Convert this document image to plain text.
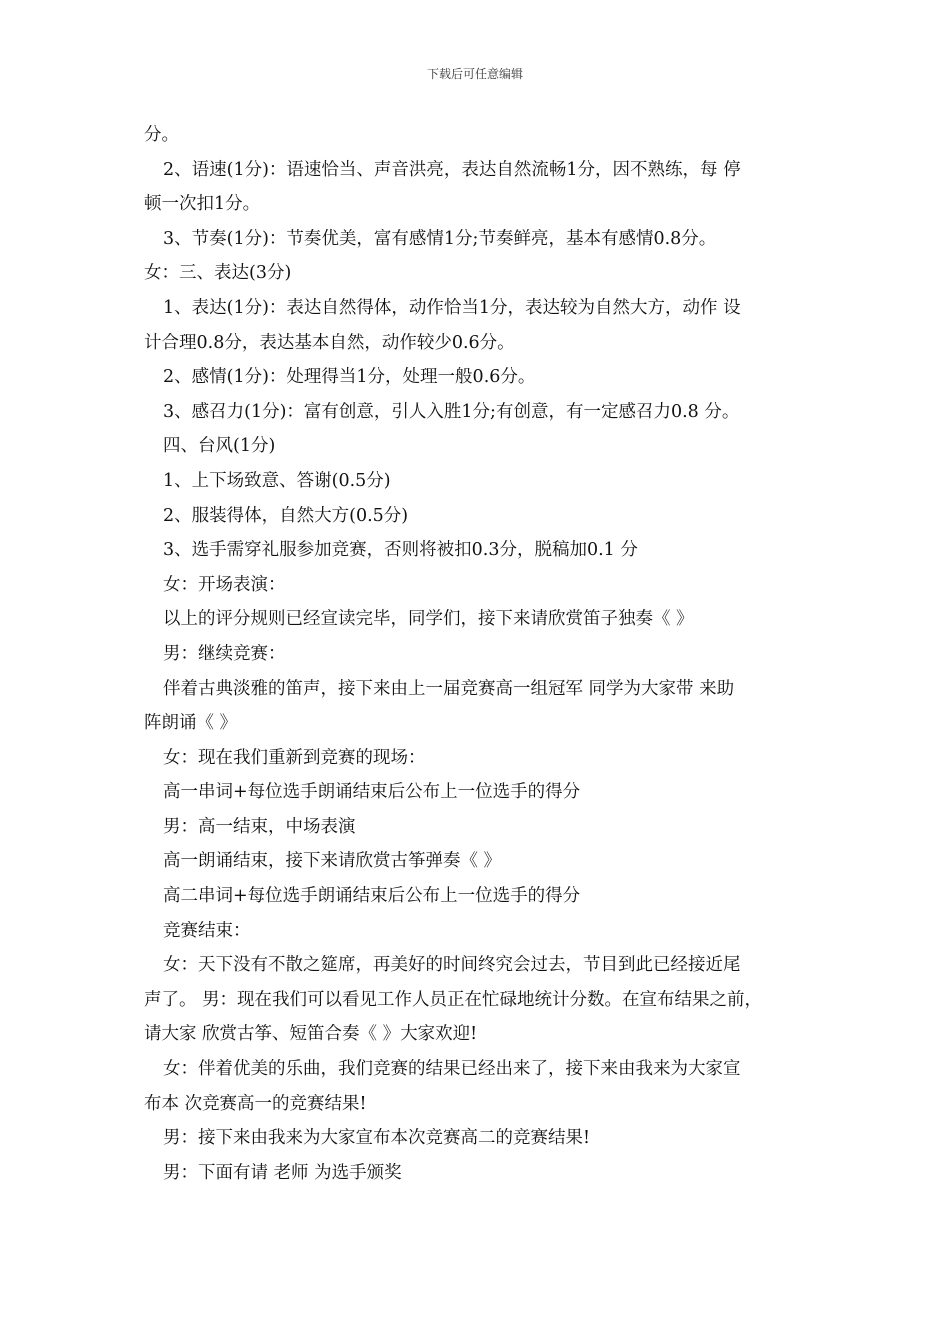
下载后可任意编辑
分。
2、语速(1分)：语速恰当、声音洪亮，表达自然流畅1分，因不熟练，每 停
顿一次扣1分。
3、节奏(1分)：节奏优美，富有感情1分;节奏鲜亮，基本有感情0.8分。
女：三、表达(3分)
1、表达(1分)：表达自然得体，动作恰当1分，表达较为自然大方，动作 设
计合理0.8分，表达基本自然，动作较少0.6分。
2、感情(1分)：处理得当1分，处理一般0.6分。
3、感召力(1分)：富有创意，引人入胜1分;有创意，有一定感召力0.8 分。
四、台风(1分)
1、上下场致意、答谢(0.5分)
2、服装得体，自然大方(0.5分)
3、选手需穿礼服参加竞赛，否则将被扣0.3分，脱稿加0.1 分
女：开场表演：
以上的评分规则已经宣读完毕，同学们，接下来请欣赏笛子独奏《 》
男：继续竞赛：
伴着古典淡雅的笛声，接下来由上一届竞赛高一组冠军 同学为大家带 来助
阵朗诵《 》
女：现在我们重新到竞赛的现场：
高一串词+每位选手朗诵结束后公布上一位选手的得分
男：高一结束，中场表演
高一朗诵结束，接下来请欣赏古筝弹奏《 》
高二串词+每位选手朗诵结束后公布上一位选手的得分
竞赛结束：
女：天下没有不散之筵席，再美好的时间终究会过去，节目到此已经接近尾
声了。 男：现在我们可以看见工作人员正在忙碌地统计分数。在宣布结果之前，
请大家 欣赏古筝、短笛合奏《 》大家欢迎!
女：伴着优美的乐曲，我们竞赛的结果已经出来了，接下来由我来为大家宣
布本 次竞赛高一的竞赛结果!
男：接下来由我来为大家宣布本次竞赛高二的竞赛结果!
男：下面有请 老师 为选手颁奖
